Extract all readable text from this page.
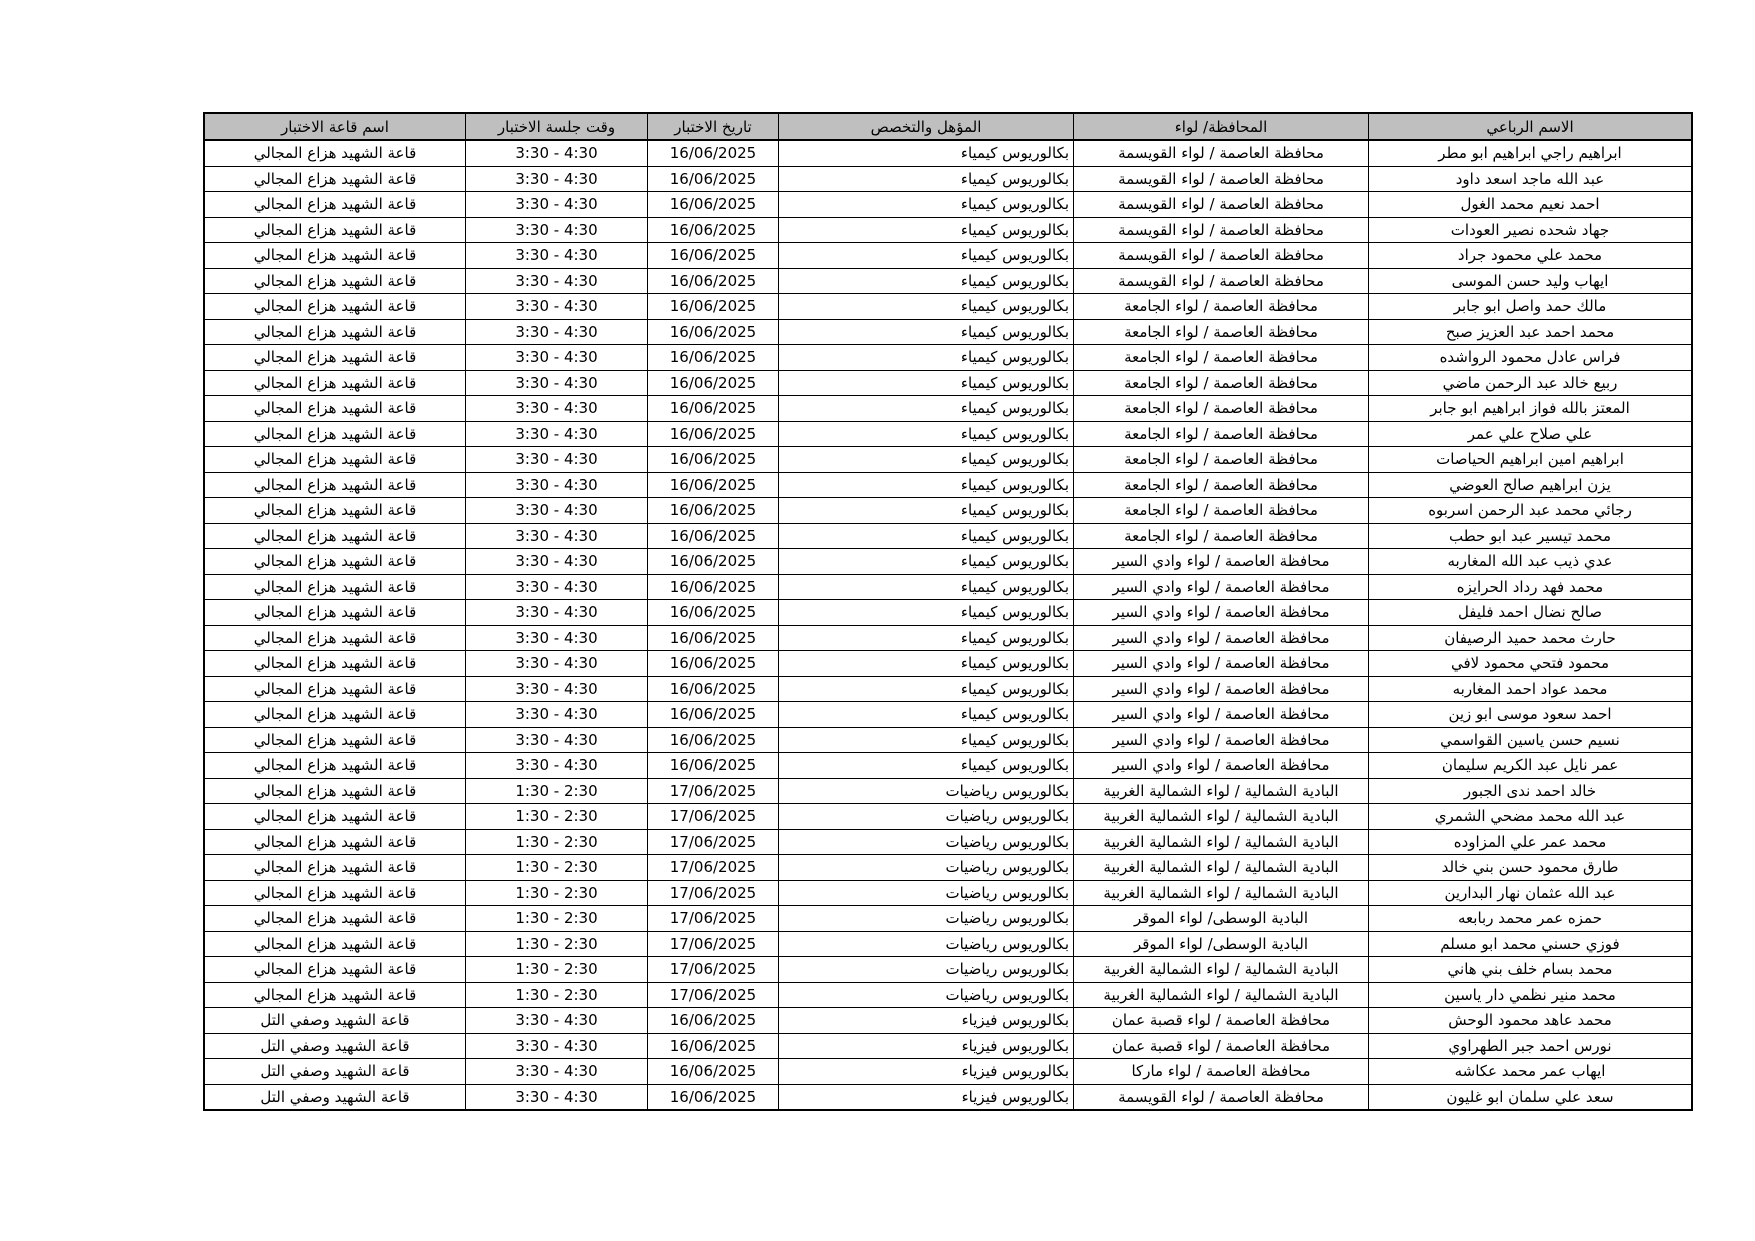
اسم قاعة الاختبار	وقت جلسة الاختبار	تاريخ الاختبار	المؤهل والتخصص	المحافظة/ لواء	الاسم الرباعي
قاعة الشهيد هزاع المجالي	3:30 - 4:30	16/06/2025	بكالوريوس كيمياء	محافظة العاصمة / لواء القويسمة	ابراهيم راجي ابراهيم ابو مطر
قاعة الشهيد هزاع المجالي	3:30 - 4:30	16/06/2025	بكالوريوس كيمياء	محافظة العاصمة / لواء القويسمة	عبد الله ماجد اسعد داود
قاعة الشهيد هزاع المجالي	3:30 - 4:30	16/06/2025	بكالوريوس كيمياء	محافظة العاصمة / لواء القويسمة	احمد نعيم محمد الغول
قاعة الشهيد هزاع المجالي	3:30 - 4:30	16/06/2025	بكالوريوس كيمياء	محافظة العاصمة / لواء القويسمة	جهاد شحده نصير العودات
قاعة الشهيد هزاع المجالي	3:30 - 4:30	16/06/2025	بكالوريوس كيمياء	محافظة العاصمة / لواء القويسمة	محمد علي محمود جراد
قاعة الشهيد هزاع المجالي	3:30 - 4:30	16/06/2025	بكالوريوس كيمياء	محافظة العاصمة / لواء القويسمة	ايهاب وليد حسن الموسى
قاعة الشهيد هزاع المجالي	3:30 - 4:30	16/06/2025	بكالوريوس كيمياء	محافظة العاصمة / لواء الجامعة	مالك حمد واصل ابو جابر
قاعة الشهيد هزاع المجالي	3:30 - 4:30	16/06/2025	بكالوريوس كيمياء	محافظة العاصمة / لواء الجامعة	محمد احمد عبد العزيز صبح
قاعة الشهيد هزاع المجالي	3:30 - 4:30	16/06/2025	بكالوريوس كيمياء	محافظة العاصمة / لواء الجامعة	فراس عادل محمود الرواشده
قاعة الشهيد هزاع المجالي	3:30 - 4:30	16/06/2025	بكالوريوس كيمياء	محافظة العاصمة / لواء الجامعة	ربيع خالد عبد الرحمن ماضي
قاعة الشهيد هزاع المجالي	3:30 - 4:30	16/06/2025	بكالوريوس كيمياء	محافظة العاصمة / لواء الجامعة	المعتز بالله فواز ابراهيم ابو جابر
قاعة الشهيد هزاع المجالي	3:30 - 4:30	16/06/2025	بكالوريوس كيمياء	محافظة العاصمة / لواء الجامعة	علي صلاح علي عمر
قاعة الشهيد هزاع المجالي	3:30 - 4:30	16/06/2025	بكالوريوس كيمياء	محافظة العاصمة / لواء الجامعة	ابراهيم امين ابراهيم الحياصات
قاعة الشهيد هزاع المجالي	3:30 - 4:30	16/06/2025	بكالوريوس كيمياء	محافظة العاصمة / لواء الجامعة	يزن ابراهيم صالح العوضي
قاعة الشهيد هزاع المجالي	3:30 - 4:30	16/06/2025	بكالوريوس كيمياء	محافظة العاصمة / لواء الجامعة	رجائي محمد عبد الرحمن اسربوه
قاعة الشهيد هزاع المجالي	3:30 - 4:30	16/06/2025	بكالوريوس كيمياء	محافظة العاصمة / لواء الجامعة	محمد تيسير عبد ابو حطب
قاعة الشهيد هزاع المجالي	3:30 - 4:30	16/06/2025	بكالوريوس كيمياء	محافظة العاصمة / لواء وادي السير	عدي ذيب عبد الله المغاربه
قاعة الشهيد هزاع المجالي	3:30 - 4:30	16/06/2025	بكالوريوس كيمياء	محافظة العاصمة / لواء وادي السير	محمد فهد رداد الحرايزه
قاعة الشهيد هزاع المجالي	3:30 - 4:30	16/06/2025	بكالوريوس كيمياء	محافظة العاصمة / لواء وادي السير	صالح نضال احمد فليفل
قاعة الشهيد هزاع المجالي	3:30 - 4:30	16/06/2025	بكالوريوس كيمياء	محافظة العاصمة / لواء وادي السير	حارث محمد حميد الرصيفان
قاعة الشهيد هزاع المجالي	3:30 - 4:30	16/06/2025	بكالوريوس كيمياء	محافظة العاصمة / لواء وادي السير	محمود فتحي محمود لافي
قاعة الشهيد هزاع المجالي	3:30 - 4:30	16/06/2025	بكالوريوس كيمياء	محافظة العاصمة / لواء وادي السير	محمد عواد احمد المغاربه
قاعة الشهيد هزاع المجالي	3:30 - 4:30	16/06/2025	بكالوريوس كيمياء	محافظة العاصمة / لواء وادي السير	احمد سعود موسى ابو زين
قاعة الشهيد هزاع المجالي	3:30 - 4:30	16/06/2025	بكالوريوس كيمياء	محافظة العاصمة / لواء وادي السير	نسيم حسن ياسين القواسمي
قاعة الشهيد هزاع المجالي	3:30 - 4:30	16/06/2025	بكالوريوس كيمياء	محافظة العاصمة / لواء وادي السير	عمر نايل عبد الكريم سليمان
قاعة الشهيد هزاع المجالي	1:30 - 2:30	17/06/2025	بكالوريوس رياضيات	البادية الشمالية / لواء الشمالية الغربية	خالد احمد ندى الجبور
قاعة الشهيد هزاع المجالي	1:30 - 2:30	17/06/2025	بكالوريوس رياضيات	البادية الشمالية / لواء الشمالية الغربية	عبد الله محمد مضحي الشمري
قاعة الشهيد هزاع المجالي	1:30 - 2:30	17/06/2025	بكالوريوس رياضيات	البادية الشمالية / لواء الشمالية الغربية	محمد عمر علي المزاوده
قاعة الشهيد هزاع المجالي	1:30 - 2:30	17/06/2025	بكالوريوس رياضيات	البادية الشمالية / لواء الشمالية الغربية	طارق محمود حسن بني خالد
قاعة الشهيد هزاع المجالي	1:30 - 2:30	17/06/2025	بكالوريوس رياضيات	البادية الشمالية / لواء الشمالية الغربية	عبد الله عثمان نهار البدارين
قاعة الشهيد هزاع المجالي	1:30 - 2:30	17/06/2025	بكالوريوس رياضيات	البادية الوسطى/ لواء الموقر	حمزه عمر محمد ربابعه
قاعة الشهيد هزاع المجالي	1:30 - 2:30	17/06/2025	بكالوريوس رياضيات	البادية الوسطى/ لواء الموقر	فوزي حسني محمد ابو مسلم
قاعة الشهيد هزاع المجالي	1:30 - 2:30	17/06/2025	بكالوريوس رياضيات	البادية الشمالية / لواء الشمالية الغربية	محمد بسام خلف بني هاني
قاعة الشهيد هزاع المجالي	1:30 - 2:30	17/06/2025	بكالوريوس رياضيات	البادية الشمالية / لواء الشمالية الغربية	محمد منير نظمي دار ياسين
قاعة الشهيد وصفي التل	3:30 - 4:30	16/06/2025	بكالوريوس فيزياء	محافظة العاصمة / لواء قصبة عمان	محمد عاهد محمود الوحش
قاعة الشهيد وصفي التل	3:30 - 4:30	16/06/2025	بكالوريوس فيزياء	محافظة العاصمة / لواء قصبة عمان	نورس احمد جبر الطهراوي
قاعة الشهيد وصفي التل	3:30 - 4:30	16/06/2025	بكالوريوس فيزياء	محافظة العاصمة / لواء ماركا	ايهاب عمر محمد عكاشه
قاعة الشهيد وصفي التل	3:30 - 4:30	16/06/2025	بكالوريوس فيزياء	محافظة العاصمة / لواء القويسمة	سعد علي سلمان ابو غليون
